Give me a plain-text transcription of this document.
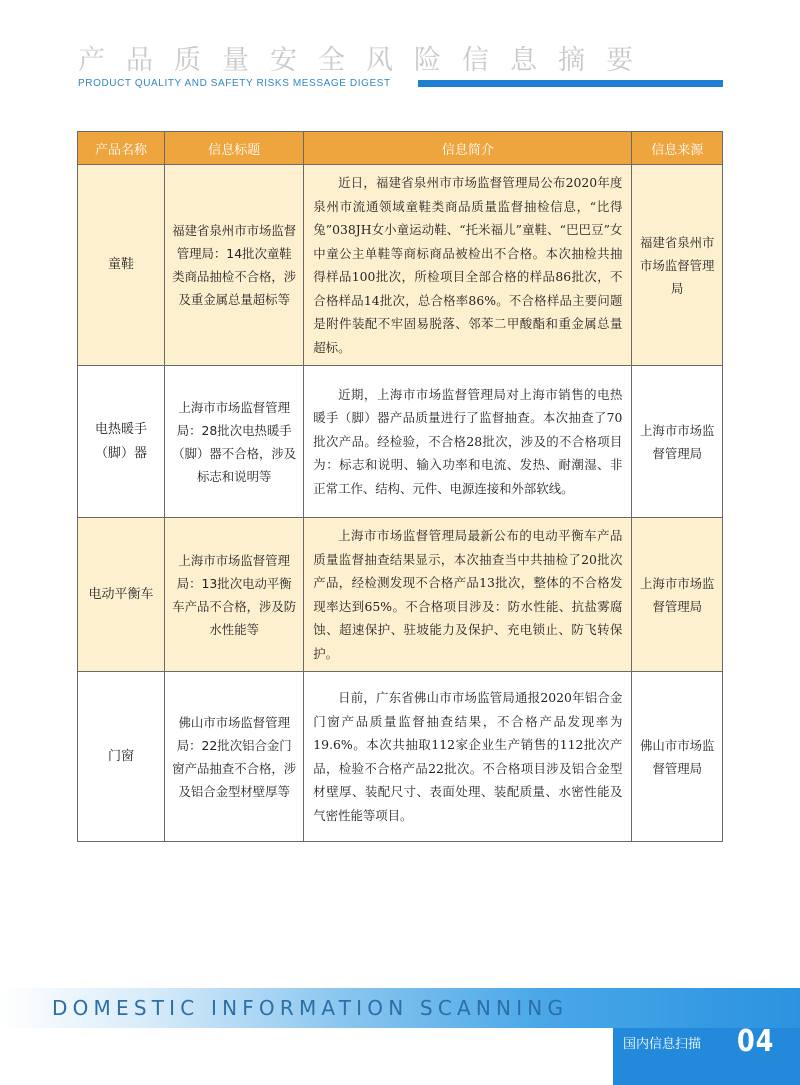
产品质量安全风险信息摘要
PRODUCT QUALITY AND SAFETY RISKS MESSAGE DIGEST
产品名称	信息标题	信息简介	信息来源
童鞋	福建省泉州市市场监督管理局：14批次童鞋类商品抽检不合格，涉及重金属总量超标等	近日，福建省泉州市市场监督管理局公布2020年度泉州市流通领域童鞋类商品质量监督抽检信息，“比得兔”038JH女小童运动鞋、“托米福儿”童鞋、“巴巴豆”女中童公主单鞋等商标商品被检出不合格。本次抽检共抽得样品100批次，所检项目全部合格的样品86批次，不合格样品14批次，总合格率86%。不合格样品主要问题是附件装配不牢固易脱落、邻苯二甲酸酯和重金属总量超标。	福建省泉州市市场监督管理局
电热暖手（脚）器	上海市市场监督管理局：28批次电热暖手（脚）器不合格，涉及标志和说明等	近期，上海市市场监督管理局对上海市销售的电热暖手（脚）器产品质量进行了监督抽查。本次抽查了70批次产品。经检验，不合格28批次，涉及的不合格项目为：标志和说明、输入功率和电流、发热、耐潮湿、非正常工作、结构、元件、电源连接和外部软线。	上海市市场监督管理局
电动平衡车	上海市市场监督管理局：13批次电动平衡车产品不合格，涉及防水性能等	上海市市场监督管理局最新公布的电动平衡车产品质量监督抽查结果显示，本次抽查当中共抽检了20批次产品，经检测发现不合格产品13批次，整体的不合格发现率达到65%。不合格项目涉及：防水性能、抗盐雾腐蚀、超速保护、驻坡能力及保护、充电锁止、防飞转保护。	上海市市场监督管理局
门窗	佛山市市场监督管理局：22批次铝合金门窗产品抽查不合格，涉及铝合金型材壁厚等	日前，广东省佛山市市场监管局通报2020年铝合金门窗产品质量监督抽查结果，不合格产品发现率为19.6%。本次共抽取112家企业生产销售的112批次产品，检验不合格产品22批次。不合格项目涉及铝合金型材壁厚、装配尺寸、表面处理、装配质量、水密性能及气密性能等项目。	佛山市市场监督管理局
DOMESTIC INFORMATION SCANNING
国内信息扫描 04
